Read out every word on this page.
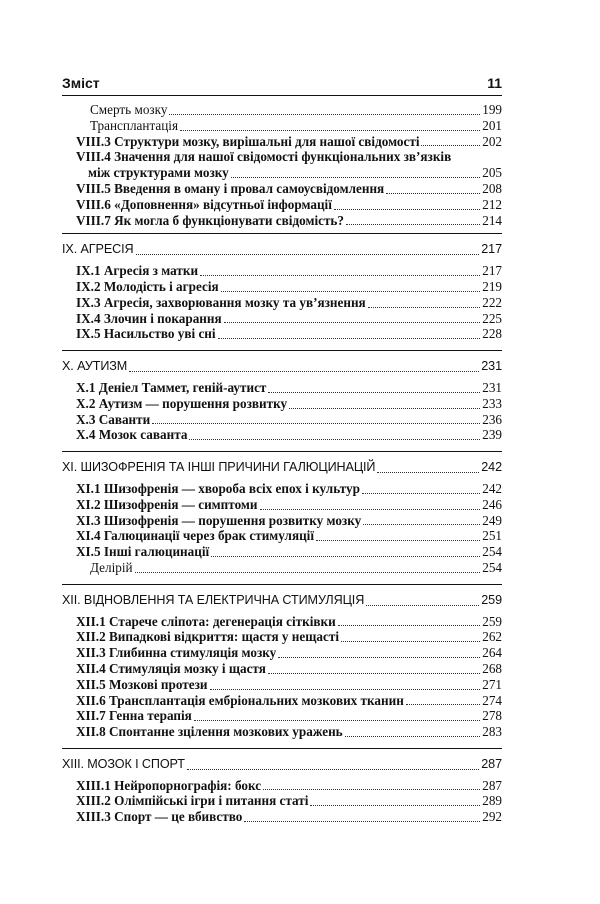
Зміст	11
Смерть мозку	199
Трансплантація	201
VIII.3 Структури мозку, вирішальні для нашої свідомості	202
VIII.4 Значення для нашої свідомості функціональних зв’язків
між структурами мозку	205
VIII.5 Введення в оману і провал самоусвідомлення	208
VIII.6 «Доповнення» відсутньої інформації	212
VIII.7 Як могла б функціонувати свідомість?	214
IX. АГРЕСІЯ	217
IX.1 Агресія з матки	217
IX.2 Молодість і агресія	219
IX.3 Агресія, захворювання мозку та ув’язнення	222
IX.4 Злочин і покарання	225
IX.5 Насильство уві сні	228
X. АУТИЗМ	231
X.1 Деніел Таммет, геній-аутист	231
X.2 Аутизм — порушення розвитку	233
X.3 Саванти	236
X.4 Мозок саванта	239
XI. ШИЗОФРЕНІЯ ТА ІНШІ ПРИЧИНИ ГАЛЮЦИНАЦІЙ	242
XI.1 Шизофренія — хвороба всіх епох і культур	242
XI.2 Шизофренія — симптоми	246
XI.3 Шизофренія — порушення розвитку мозку	249
XI.4 Галюцинації через брак стимуляції	251
XI.5 Інші галюцинації	254
Делірій	254
XII. ВІДНОВЛЕННЯ ТА ЕЛЕКТРИЧНА СТИМУЛЯЦІЯ	259
XII.1 Старече сліпота: дегенерація сітківки	259
XII.2 Випадкові відкриття: щастя у нещасті	262
XII.3 Глибинна стимуляція мозку	264
XII.4 Стимуляція мозку і щастя	268
XII.5 Мозкові протези	271
XII.6 Трансплантація ембріональних мозкових тканин	274
XII.7 Генна терапія	278
XII.8 Спонтанне зцілення мозкових уражень	283
XIII. МОЗОК І СПОРТ	287
XIII.1 Нейропорнографія: бокс	287
XIII.2 Олімпійські ігри і питання статі	289
XIII.3 Спорт — це вбивство	292
